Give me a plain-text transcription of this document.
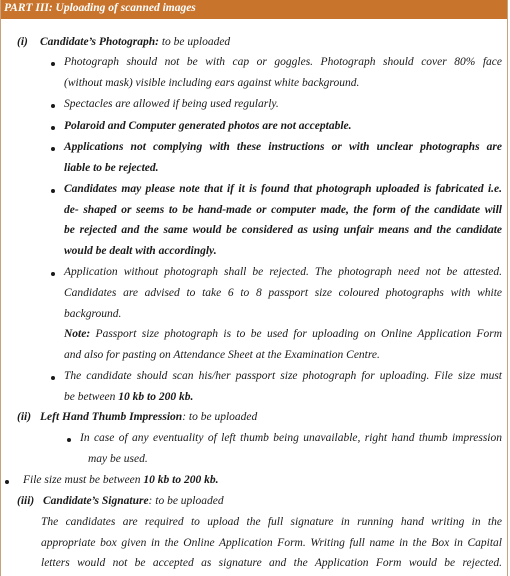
PART III: Uploading of scanned images
(i) Candidate’s Photograph: to be uploaded
Photograph should not be with cap or goggles. Photograph should cover 80% face
(without mask) visible including ears against white background.
Spectacles are allowed if being used regularly.
Polaroid and Computer generated photos are not acceptable.
Applications not complying with these instructions or with unclear photographs are
liable to be rejected.
Candidates may please note that if it is found that photograph uploaded is fabricated i.e.
de- shaped or seems to be hand-made or computer made, the form of the candidate will
be rejected and the same would be considered as using unfair means and the candidate
would be dealt with accordingly.
Application without photograph shall be rejected. The photograph need not be attested.
Candidates are advised to take 6 to 8 passport size coloured photographs with white
background.
Note: Passport size photograph is to be used for uploading on Online Application Form
and also for pasting on Attendance Sheet at the Examination Centre.
The candidate should scan his/her passport size photograph for uploading. File size must
be between 10 kb to 200 kb.
(ii) Left Hand Thumb Impression: to be uploaded
In case of any eventuality of left thumb being unavailable, right hand thumb impression
may be used.
File size must be between 10 kb to 200 kb.
(iii) Candidate’s Signature: to be uploaded
The candidates are required to upload the full signature in running hand writing in the
appropriate box given in the Online Application Form. Writing full name in the Box in Capital
letters would not be accepted as signature and the Application Form would be rejected.
